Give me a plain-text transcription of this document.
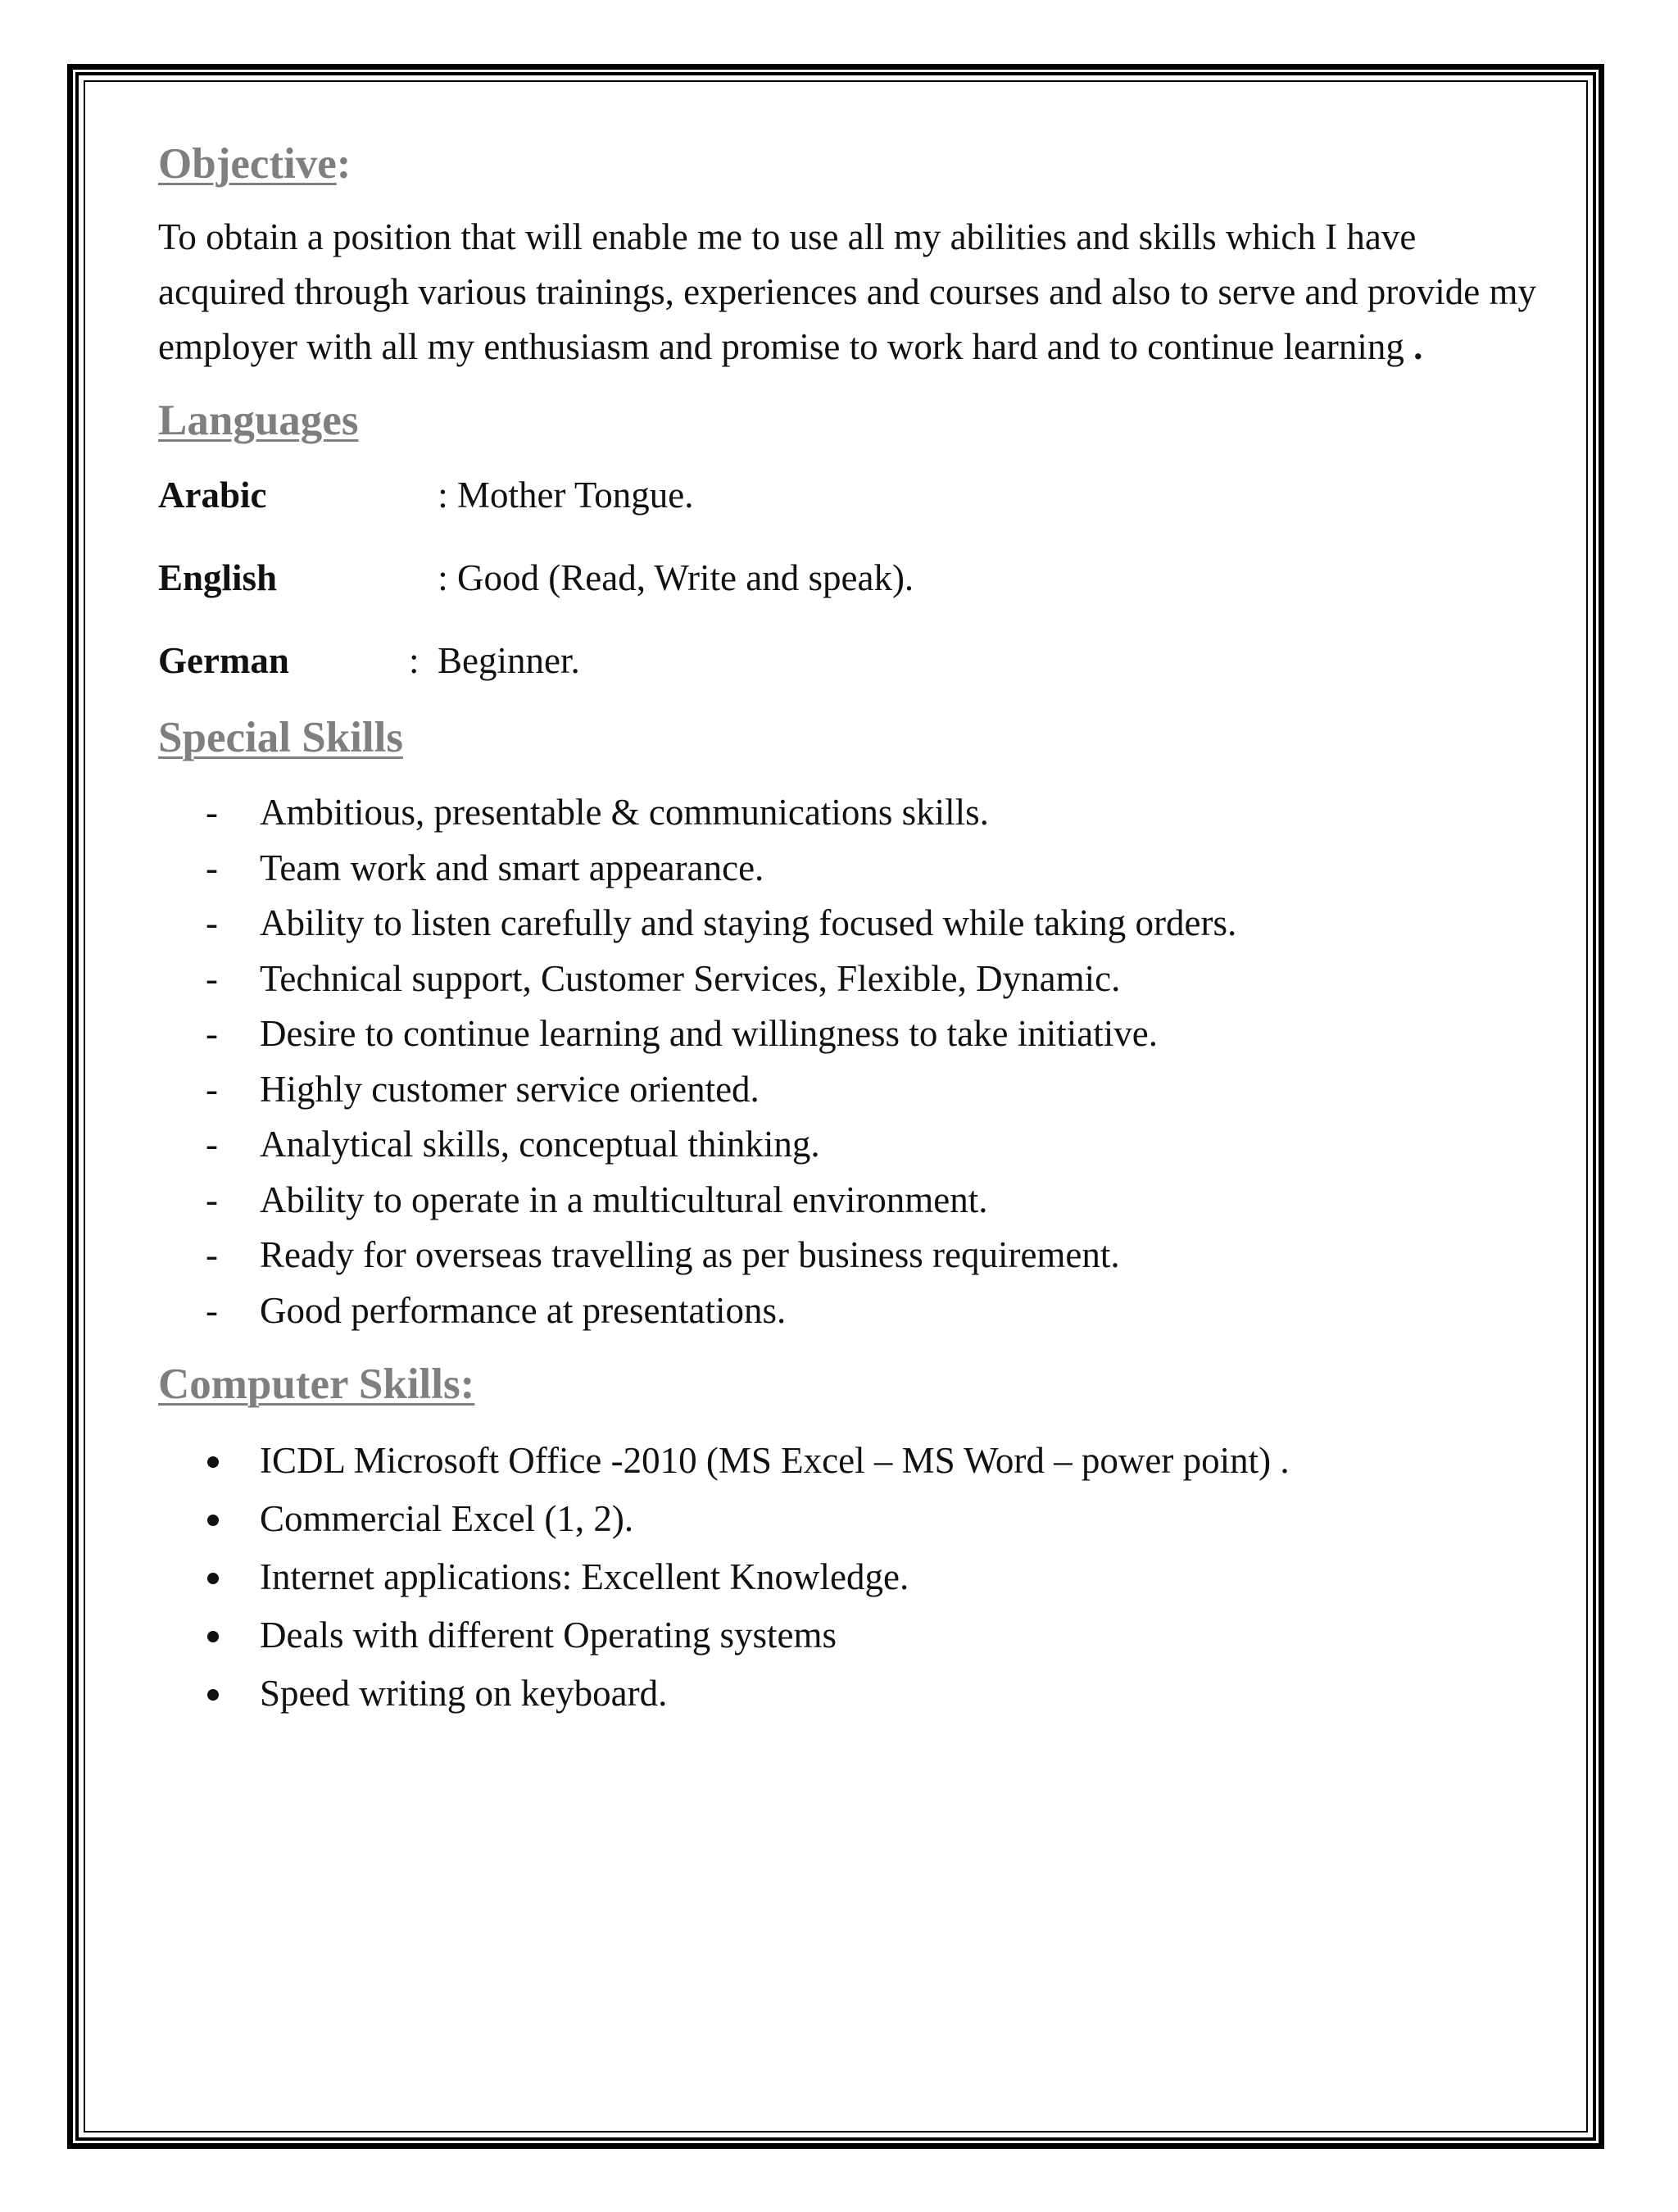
Objective:

To obtain a position that will enable me to use all my abilities and skills which I have acquired through various trainings, experiences and courses and also to serve and provide my employer with all my enthusiasm and promise to work hard and to continue learning .

Languages
Arabic	: Mother Tongue.
English	: Good (Read, Write and speak).
German	:  Beginner.
Special Skills
-	Ambitious, presentable & communications skills.
-	Team work and smart appearance.
-	Ability to listen carefully and staying focused while taking orders.
-	Technical support, Customer Services, Flexible, Dynamic.
-	Desire to continue learning and willingness to take initiative.
-	Highly customer service oriented.
-	Analytical skills, conceptual thinking.
-	Ability to operate in a multicultural environment.
-	Ready for overseas travelling as per business requirement.
-	Good performance at presentations.
Computer Skills:
ICDL Microsoft Office -2010 (MS Excel – MS Word – power point) .
Commercial Excel (1, 2).
Internet applications: Excellent Knowledge.
Deals with different Operating systems
Speed writing on keyboard.
